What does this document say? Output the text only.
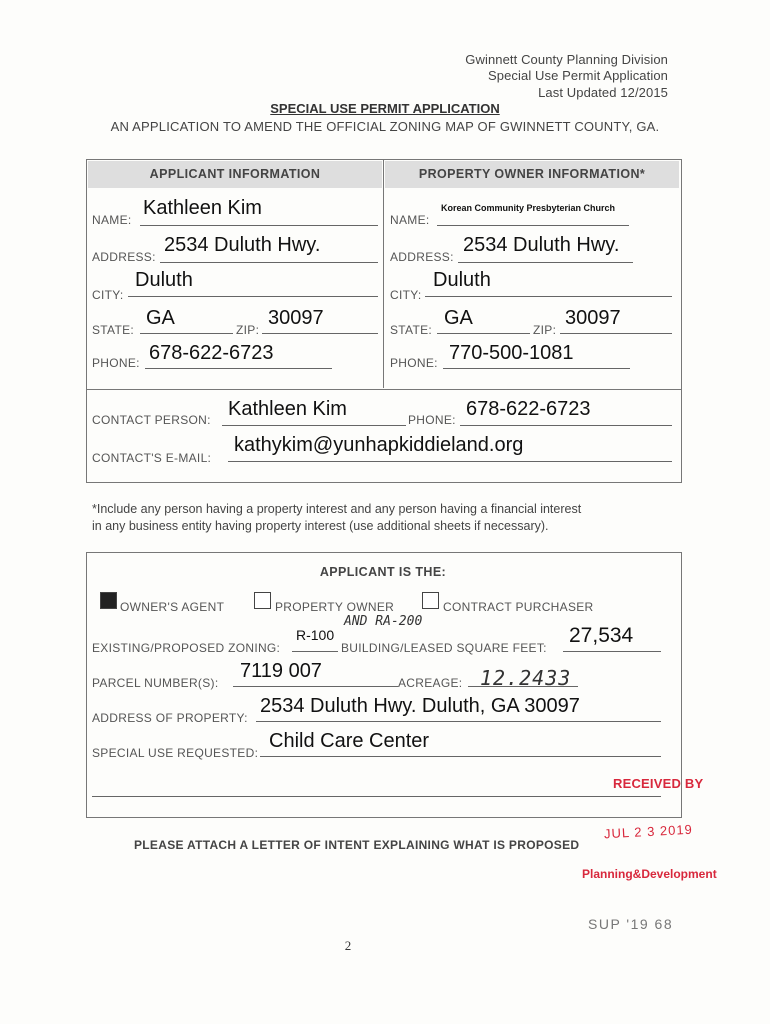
Gwinnett County Planning Division
Special Use Permit Application
Last Updated 12/2015
SPECIAL USE PERMIT APPLICATION
AN APPLICATION TO AMEND THE OFFICIAL ZONING MAP OF GWINNETT COUNTY, GA.
APPLICANT INFORMATION	PROPERTY OWNER INFORMATION*
NAME:
Kathleen Kim
ADDRESS:
2534 Duluth Hwy.
CITY:
Duluth
STATE:
GA
ZIP:
30097
PHONE: 678-622-6723
NAME:
Korean Community Presbyterian Church
ADDRESS:
2534 Duluth Hwy.
CITY:
Duluth
STATE:
GA
ZIP:
30097
PHONE: 770-500-1081
CONTACT PERSON: Kathleen Kim	PHONE: 678-622-6723
CONTACT'S E-MAIL:
kathykim@yunhapkiddieland.org
*Include any person having a property interest and any person having a financial interest
in any business entity having property interest (use additional sheets if necessary).
APPLICANT IS THE:
OWNER'S AGENT	PROPERTY OWNER	CONTRACT PURCHASER
EXISTING/PROPOSED ZONING:
R-100
AND RA-200
BUILDING/LEASED SQUARE FEET:
27,534
PARCEL NUMBER(S):
7119 007
ACREAGE: 12.2433
ADDRESS OF PROPERTY:
2534 Duluth Hwy. Duluth, GA 30097
SPECIAL USE REQUESTED:
Child Care Center
RECEIVED BY
JUL 2 3 2019
Planning&Development
SUP '19 68
PLEASE ATTACH A LETTER OF INTENT EXPLAINING WHAT IS PROPOSED
2
